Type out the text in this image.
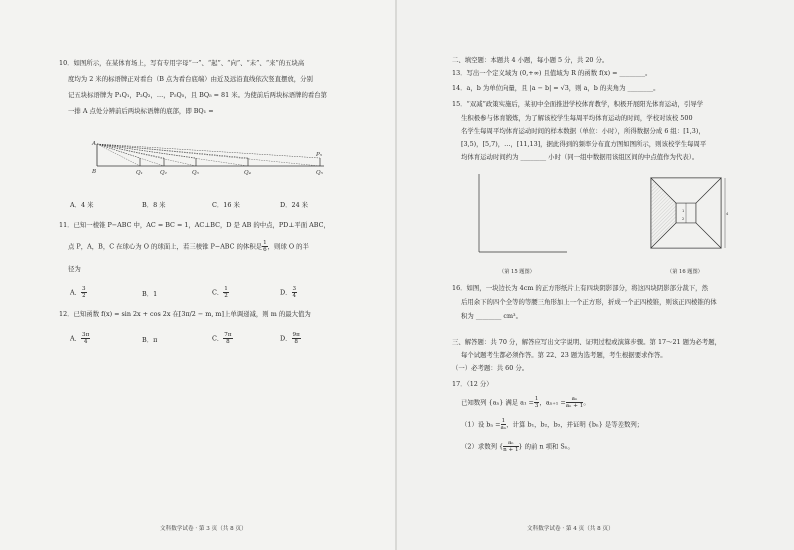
10．如图所示，在某体育场上，写有专用字母“一”、“起”、“向”、“未”、“来”的五块高
度均为 2 米的标语牌正对看台（B 点为看台底端）由近及远沿直线依次竖直摆放，分别
记五块标语牌为 P₁Q₁，P₂Q₂，…，P₅Q₅，且 BQ₅ = 81 米。为使前后两块标语牌的看台第
一排 A 点处分辨前后两块标语牌的底部，即 BQ₁ =
A
B	Q₁	Q₂	Q₃	Q₄
P₅
Q₅
A．4 米	B．8 米	C．16 米	D．24 米
11．已知一棱锥 P−ABC 中，AC = BC = 1，AC⊥BC，D 是 AB 的中点，PD⊥平面 ABC，
点 P，A，B，C 在球心为 O 的球面上，若三棱锥 P−ABC 的体积是 $\frac{1}{6}$ ，则球 O 的半
径为
A． $\frac{3}{2}$	B．1	C． $\frac{1}{2}$	D． $\frac{3}{4}$
12．已知函数 f(x) = sin 2x + cos 2x 在[3π/2 − m, m]上单调递减，则 m 的最大值为
A． $\frac{3\pi}{4}$	B．π	C． $\frac{7\pi}{8}$	D． $\frac{9\pi}{8}$
文科数学试卷 · 第 3 页（共 8 页）
二、填空题：本题共 4 小题，每小题 5 分，共 20 分。
13．写出一个定义域为 (0,+∞) 且值域为 R 的函数 f(x) = ________。
14．a，b 为单位向量，且 |a − b| = √3，则 a，b 的夹角为 ________。
15．“双减”政策实施后，某初中全面推进学校体育教学，积极开展阳光体育运动，引导学
生积极参与体育锻炼，为了解该校学生每周平均体育运动的时间，学校对该校 500
名学生每周平均体育运动时间的样本数据（单位：小时），所得数据分成 6 组：[1,3)，
[3,5)，[5,7)，…，[11,13]，据此得到的频率分布直方图如图所示，则该校学生每周平
均体育运动时间约为 ________ 小时（同一组中数据用该组区间的中点值作为代表）。
（第 15 题图）
4
1
2
（第 16 题图）
16．如图，一块边长为 4cm 的正方形纸片上有四块阴影部分，将这四块阴影部分裁下，然
后用余下的四个全等的等腰三角形加上一个正方形，折成一个正四棱锥，则该正四棱锥的体
积为 ________ cm³。
三、解答题：共 70 分，解答应写出文字说明、证明过程或演算步骤。第 17～21 题为必考题，
每个试题考生都必须作答。第 22、23 题为选考题，考生根据要求作答。
（一）必考题：共 60 分。
17．（12 分）
已知数列 {aₙ} 满足 $a_1 = \frac{1}{3}$ ，$a_{n+1} = \frac{\text{aₙ}}{\text{aₙ + 1}}$ 。
（1）设 $b_n = \frac{1}{\text{aₙ}}$ ，计算 b₁，b₂，b₃，并证明 {bₙ} 是等差数列；
（2）求数列 { $\frac{\text{aₙ}}{n + 1}$ } 的前 n 项和 Sₙ。
文科数学试卷 · 第 4 页（共 8 页）
